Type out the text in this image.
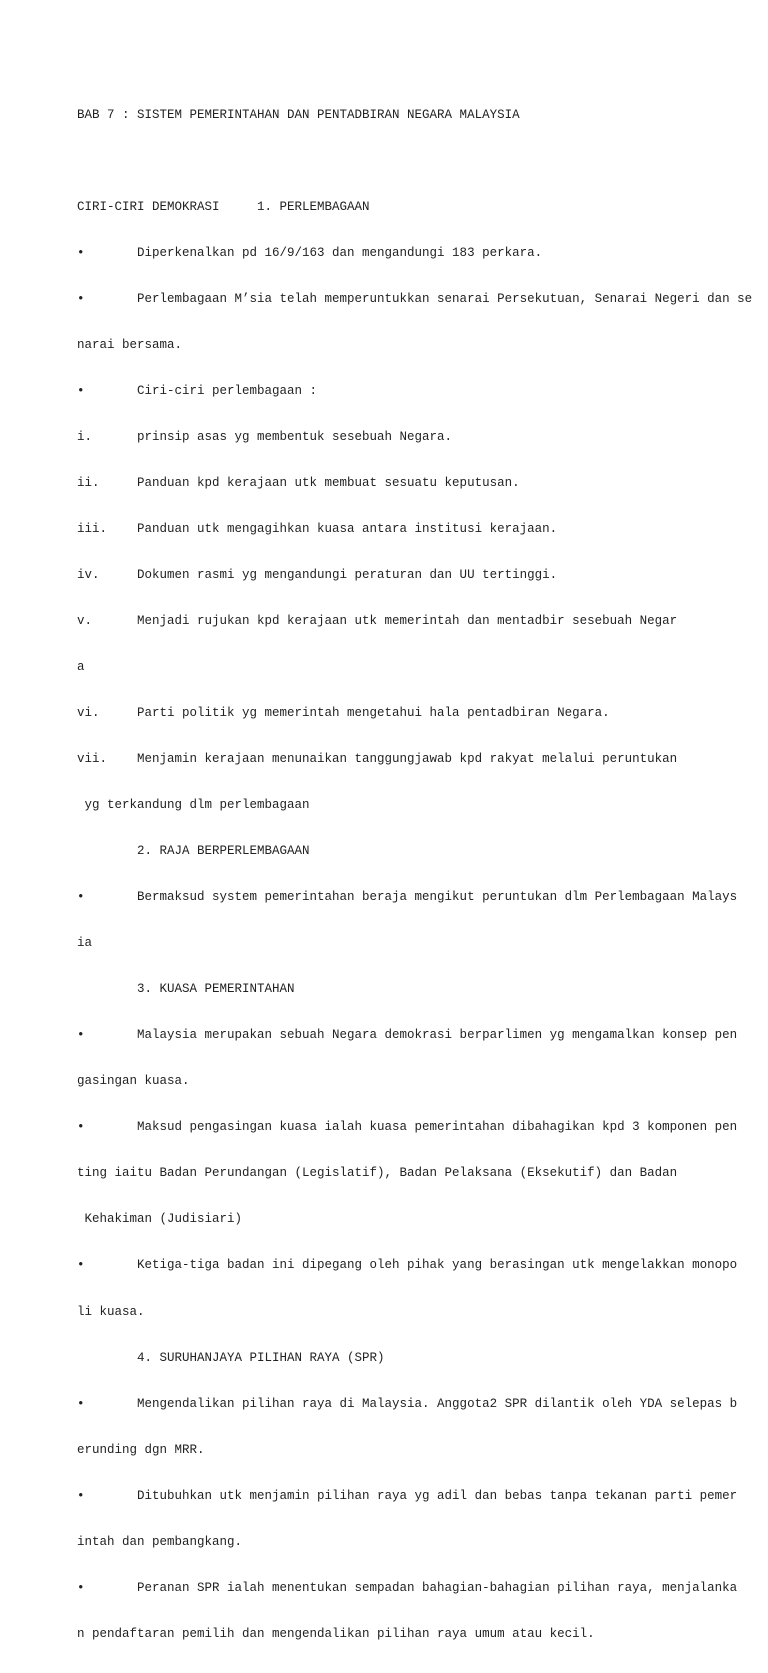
BAB 7 : SISTEM PEMERINTAHAN DAN PENTADBIRAN NEGARA MALAYSIA

CIRI-CIRI DEMOKRASI     1. PERLEMBAGAAN

•       Diperkenalkan pd 16/9/163 dan mengandungi 183 perkara.

•       Perlembagaan M’sia telah memperuntukkan senarai Persekutuan, Senarai Negeri dan se

narai bersama.

•       Ciri-ciri perlembagaan :

i.      prinsip asas yg membentuk sesebuah Negara.

ii.     Panduan kpd kerajaan utk membuat sesuatu keputusan.

iii.    Panduan utk mengagihkan kuasa antara institusi kerajaan.

iv.     Dokumen rasmi yg mengandungi peraturan dan UU tertinggi.

v.      Menjadi rujukan kpd kerajaan utk memerintah dan mentadbir sesebuah Negar

a

vi.     Parti politik yg memerintah mengetahui hala pentadbiran Negara.

vii.    Menjamin kerajaan menunaikan tanggungjawab kpd rakyat melalui peruntukan

yg terkandung dlm perlembagaan

2. RAJA BERPERLEMBAGAAN

•       Bermaksud system pemerintahan beraja mengikut peruntukan dlm Perlembagaan Malays

ia

3. KUASA PEMERINTAHAN

•       Malaysia merupakan sebuah Negara demokrasi berparlimen yg mengamalkan konsep pen

gasingan kuasa.

•       Maksud pengasingan kuasa ialah kuasa pemerintahan dibahagikan kpd 3 komponen pen

ting iaitu Badan Perundangan (Legislatif), Badan Pelaksana (Eksekutif) dan Badan

Kehakiman (Judisiari)

•       Ketiga-tiga badan ini dipegang oleh pihak yang berasingan utk mengelakkan monopo

li kuasa.

4. SURUHANJAYA PILIHAN RAYA (SPR)

•       Mengendalikan pilihan raya di Malaysia. Anggota2 SPR dilantik oleh YDA selepas b

erunding dgn MRR.

•       Ditubuhkan utk menjamin pilihan raya yg adil dan bebas tanpa tekanan parti pemer

intah dan pembangkang.

•       Peranan SPR ialah menentukan sempadan bahagian-bahagian pilihan raya, menjalanka

n pendaftaran pemilih dan mengendalikan pilihan raya umum atau kecil.
